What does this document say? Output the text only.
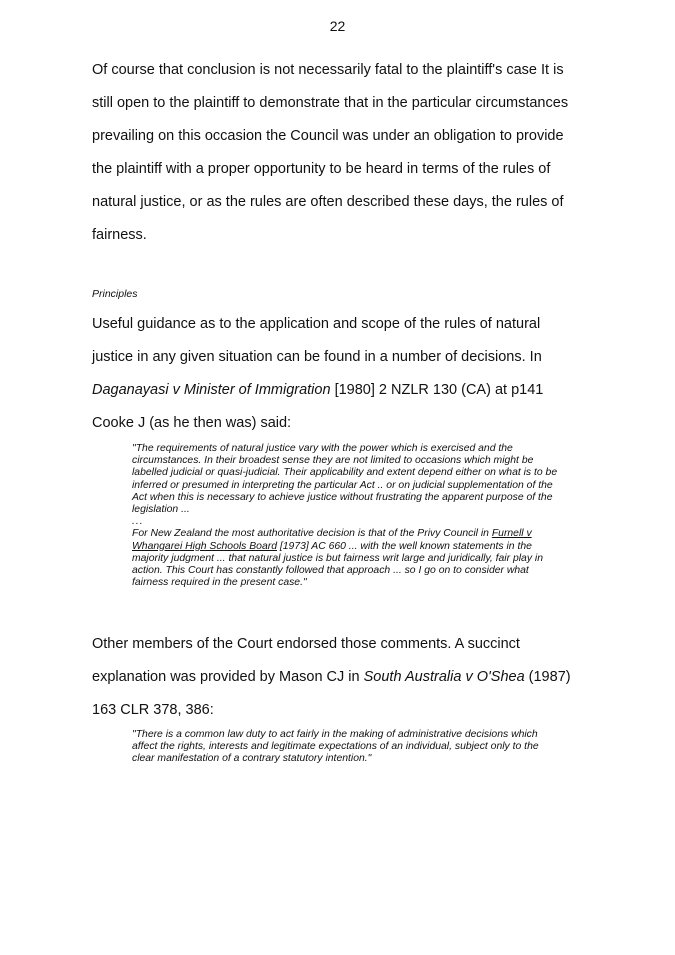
22

Of course that conclusion is not necessarily fatal to the plaintiff's case It is still open to the plaintiff to demonstrate that in the particular circumstances prevailing on this occasion the Council was under an obligation to provide the plaintiff with a proper opportunity to be heard in terms of the rules of natural justice, or as the rules are often described these days, the rules of fairness.

Principles

Useful guidance as to the application and scope of the rules of natural justice in any given situation can be found in a number of decisions. In Daganayasi v Minister of Immigration [1980] 2 NZLR 130 (CA) at p141 Cooke J (as he then was) said:

"The requirements of natural justice vary with the power which is exercised and the circumstances. In their broadest sense they are not limited to occasions which might be labelled judicial or quasi-judicial. Their applicability and extent depend either on what is to be inferred or presumed in interpreting the particular Act .. or on judicial supplementation of the Act when this is necessary to achieve justice without frustrating the apparent purpose of the legislation ...

...

For New Zealand the most authoritative decision is that of the Privy Council in Furnell v Whangarei High Schools Board [1973] AC 660 ... with the well known statements in the majority judgment ... that natural justice is but fairness writ large and juridically, fair play in action. This Court has constantly followed that approach ... so I go on to consider what fairness required in the present case."

Other members of the Court endorsed those comments. A succinct explanation was provided by Mason CJ in South Australia v O'Shea (1987) 163 CLR 378, 386:

"There is a common law duty to act fairly in the making of administrative decisions which affect the rights, interests and legitimate expectations of an individual, subject only to the clear manifestation of a contrary statutory intention."
